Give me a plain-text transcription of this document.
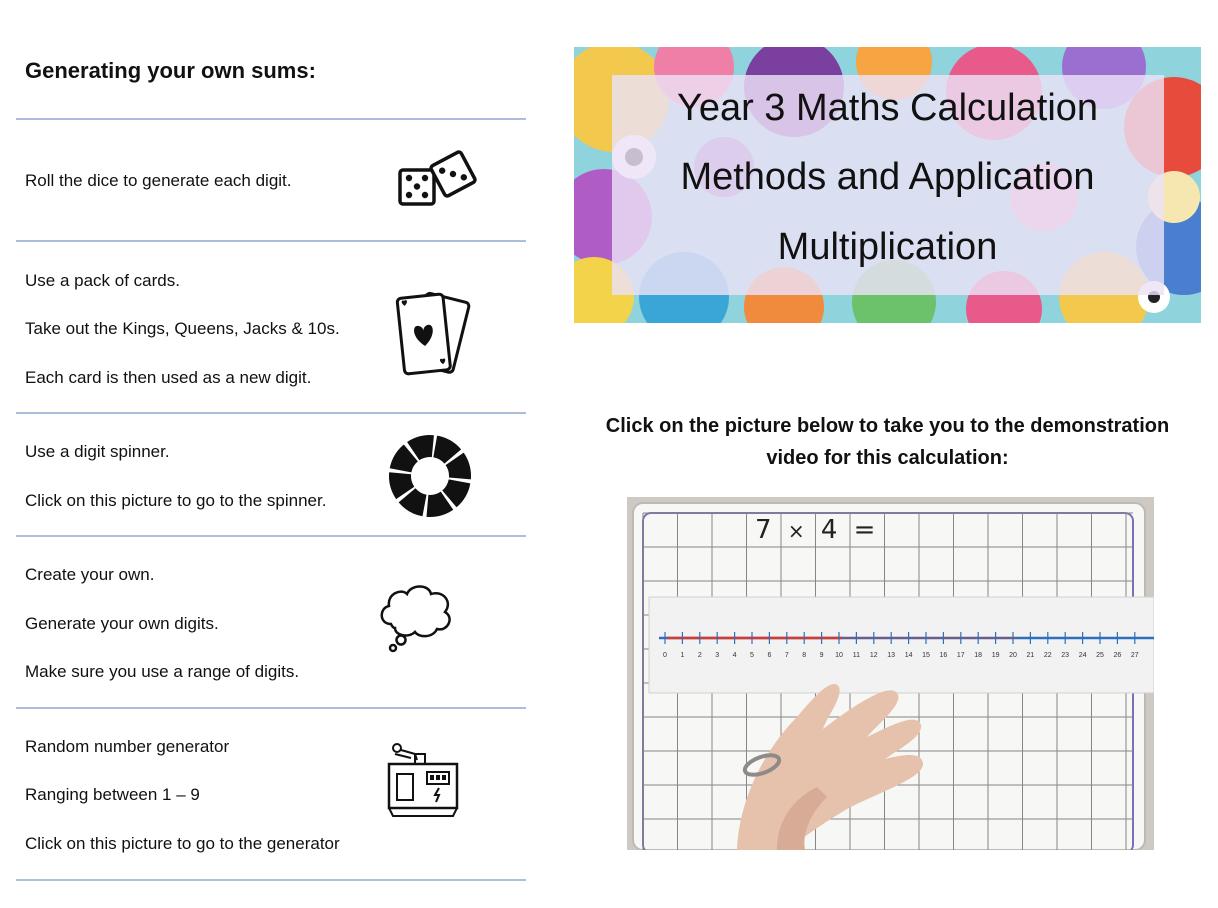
Generating your own sums:
Roll the dice to generate each digit.
Use a pack of cards.
Take out the Kings, Queens, Jacks & 10s.
Each card is then used as a new digit.
Use a digit spinner.
Click on this picture to go to the spinner.
Create your own.
Generate your own digits.
Make sure you use a range of digits.
Random number generator
Ranging between 1 – 9
Click on this picture to go to the generator
Year 3 Maths Calculation
Methods and Application
Multiplication
Click on the picture below to take you to the demonstration
video for this calculation:
7 × 4 =
0 1 2 3 4 5 6 7 8 9 10 11 12 13 14 15 16 17 18 19 20 21 22 23 24 25 26 27
